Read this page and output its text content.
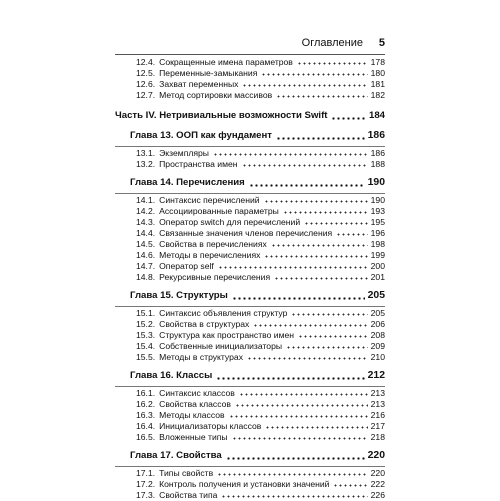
Оглавление 5
12.4. Сокращенные имена параметров	178
12.5. Переменные-замыкания	180
12.6. Захват переменных	181
12.7. Метод сортировки массивов	182
Часть IV. Нетривиальные возможности Swift	184
Глава 13. ООП как фундамент	186
13.1. Экземпляры	186
13.2. Пространства имен	188
Глава 14. Перечисления	190
14.1. Синтаксис перечислений	190
14.2. Ассоциированные параметры	193
14.3. Оператор switch для перечислений	195
14.4. Связанные значения членов перечисления	196
14.5. Свойства в перечислениях	198
14.6. Методы в перечислениях	199
14.7. Оператор self	200
14.8. Рекурсивные перечисления	201
Глава 15. Структуры	205
15.1. Синтаксис объявления структур	205
15.2. Свойства в структурах	206
15.3. Структура как пространство имен	208
15.4. Собственные инициализаторы	209
15.5. Методы в структурах	210
Глава 16. Классы	212
16.1. Синтаксис классов	213
16.2. Свойства классов	213
16.3. Методы классов	216
16.4. Инициализаторы классов	217
16.5. Вложенные типы	218
Глава 17. Свойства	220
17.1. Типы свойств	220
17.2. Контроль получения и установки значений	222
17.3. Свойства типа	226
